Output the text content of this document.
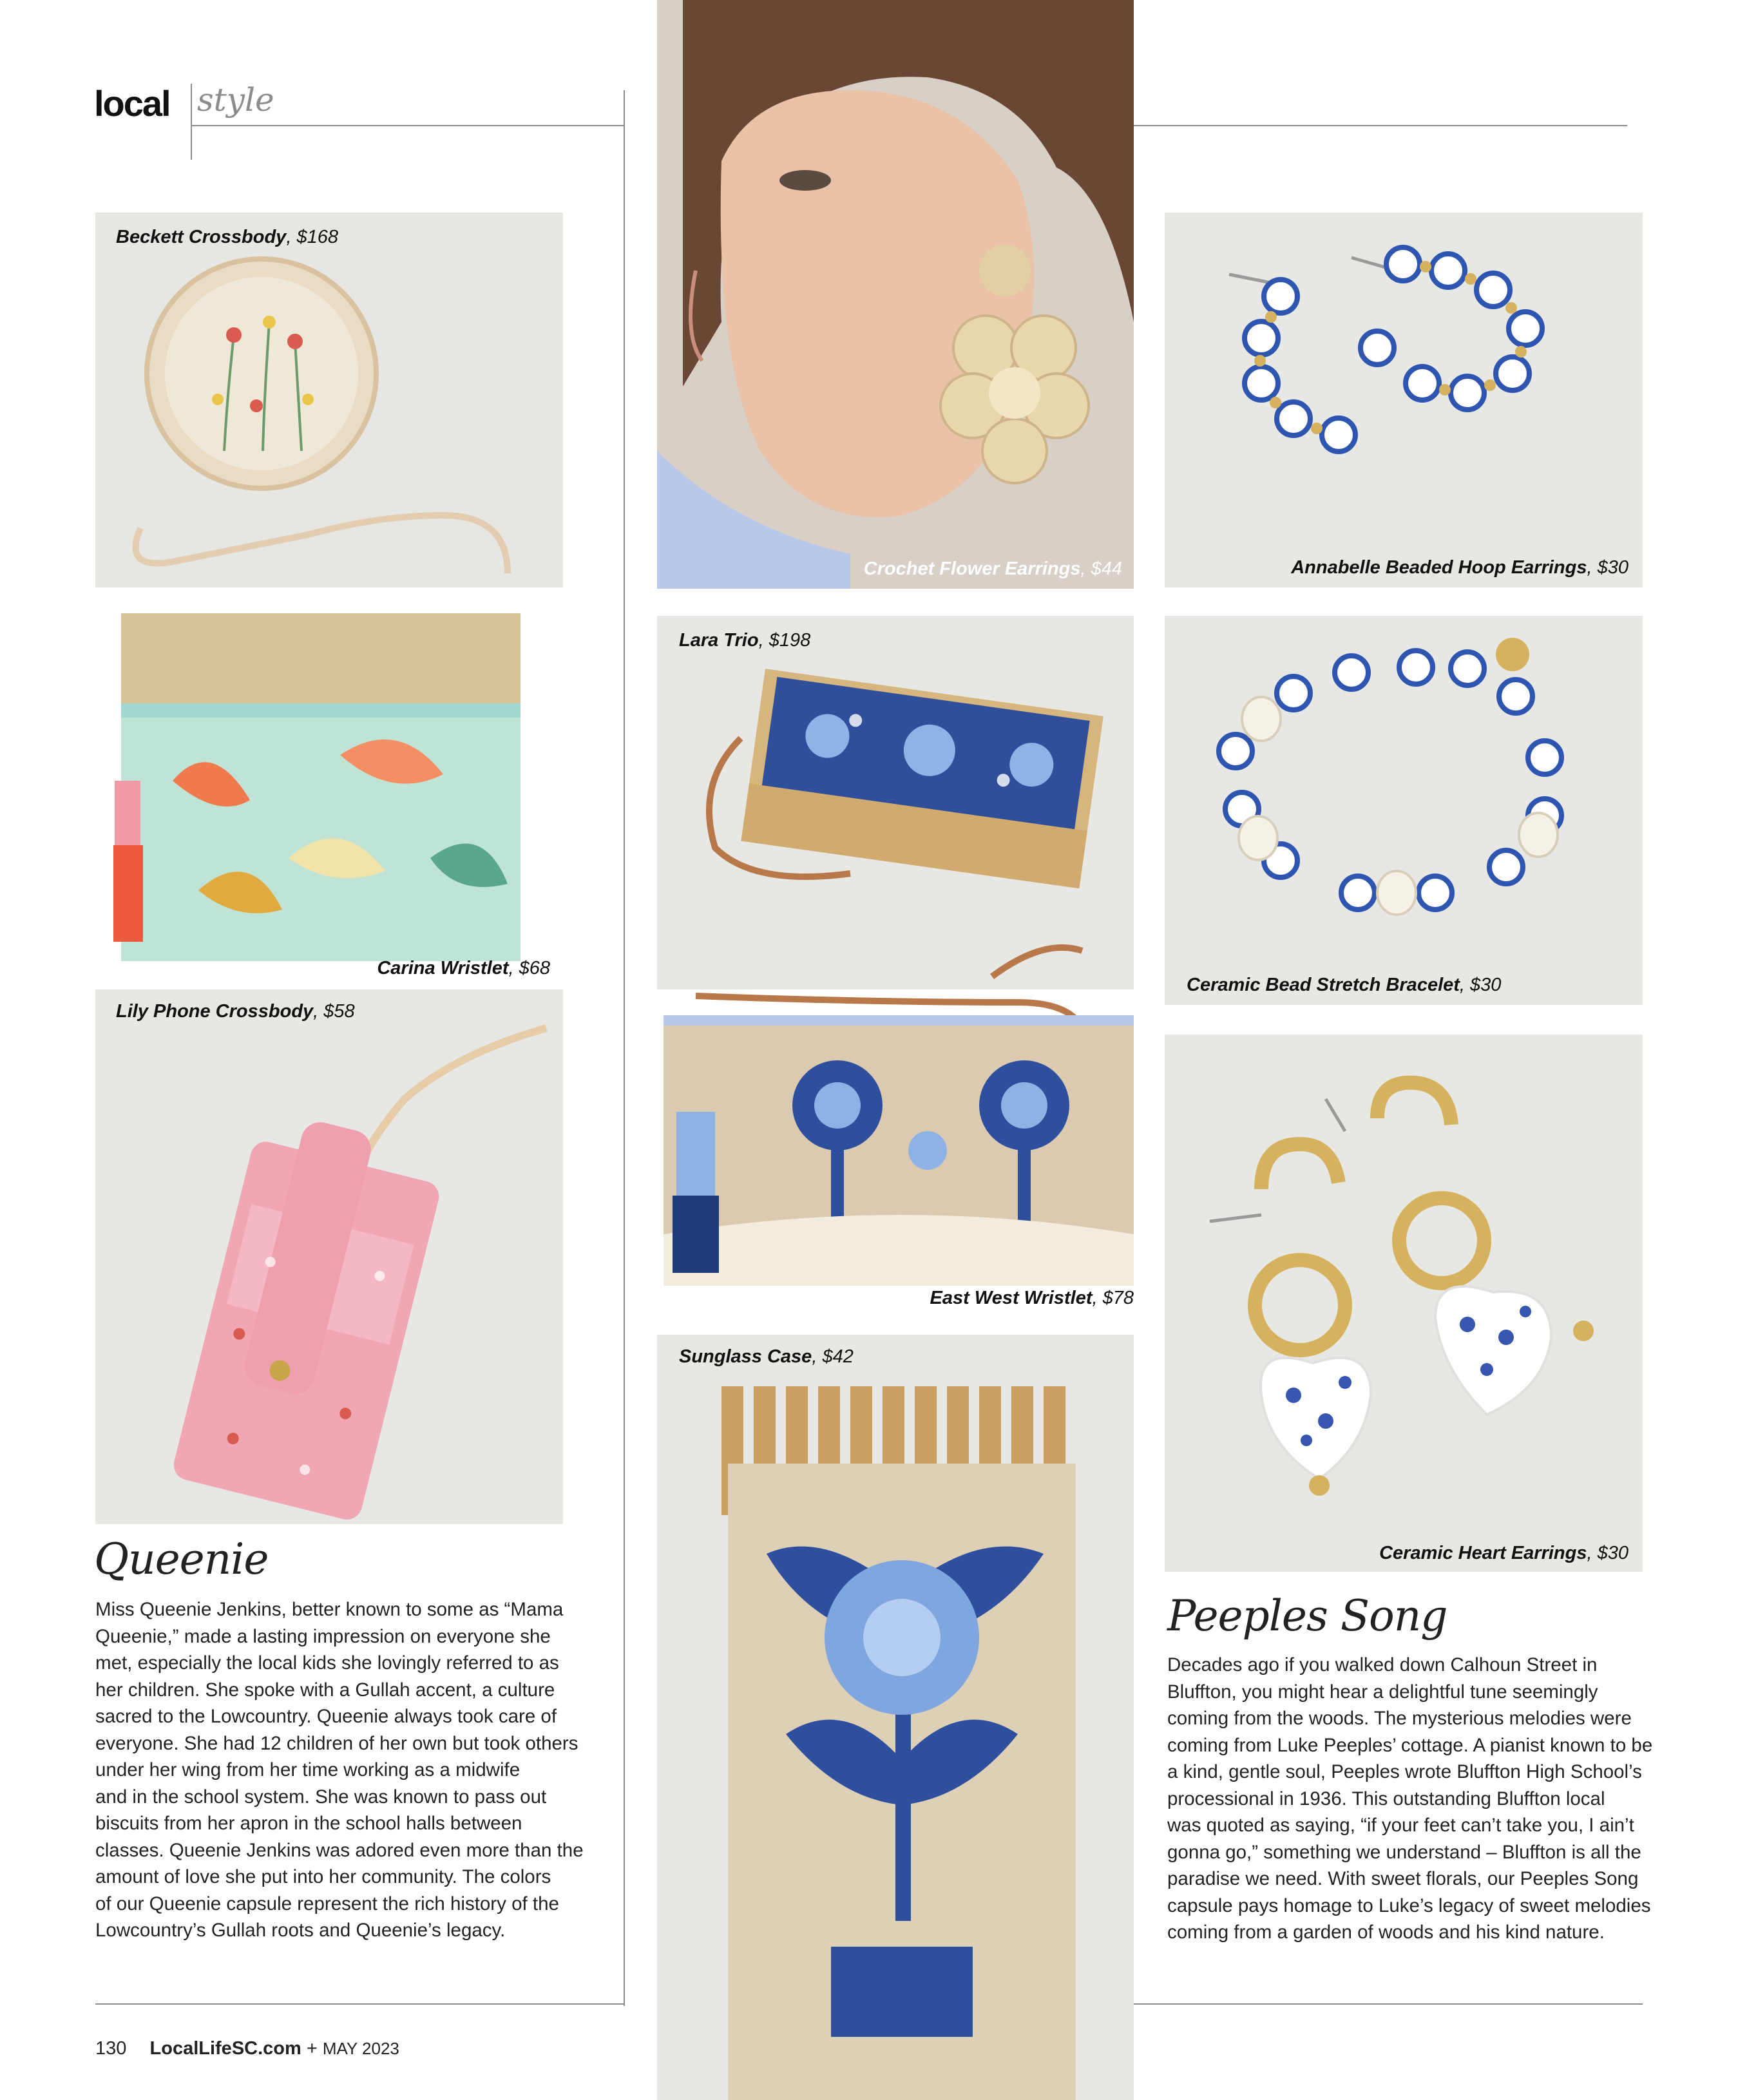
local style
Beckett Crossbody, $168
Carina Wristlet, $68
Lily Phone Crossbody, $58
Queenie
Miss Queenie Jenkins, better known to some as “Mama
Queenie,” made a lasting impression on everyone she
met, especially the local kids she lovingly referred to as
her children. She spoke with a Gullah accent, a culture
sacred to the Lowcountry. Queenie always took care of
everyone. She had 12 children of her own but took others
under her wing from her time working as a midwife
and in the school system. She was known to pass out
biscuits from her apron in the school halls between
classes. Queenie Jenkins was adored even more than the
amount of love she put into her community. The colors
of our Queenie capsule represent the rich history of the
Lowcountry’s Gullah roots and Queenie’s legacy.
Crochet Flower Earrings, $44
Lara Trio, $198
East West Wristlet, $78
Sunglass Case, $42
Annabelle Beaded Hoop Earrings, $30
Ceramic Bead Stretch Bracelet, $30
Ceramic Heart Earrings, $30
Peeples Song
Decades ago if you walked down Calhoun Street in
Bluffton, you might hear a delightful tune seemingly
coming from the woods. The mysterious melodies were
coming from Luke Peeples’ cottage. A pianist known to be
a kind, gentle soul, Peeples wrote Bluffton High School’s
processional in 1936. This outstanding Bluffton local
was quoted as saying, “if your feet can’t take you, I ain’t
gonna go,” something we understand – Bluffton is all the
paradise we need. With sweet florals, our Peeples Song
capsule pays homage to Luke’s legacy of sweet melodies
coming from a garden of woods and his kind nature.
130 LocalLifeSC.com + MAY 2023
